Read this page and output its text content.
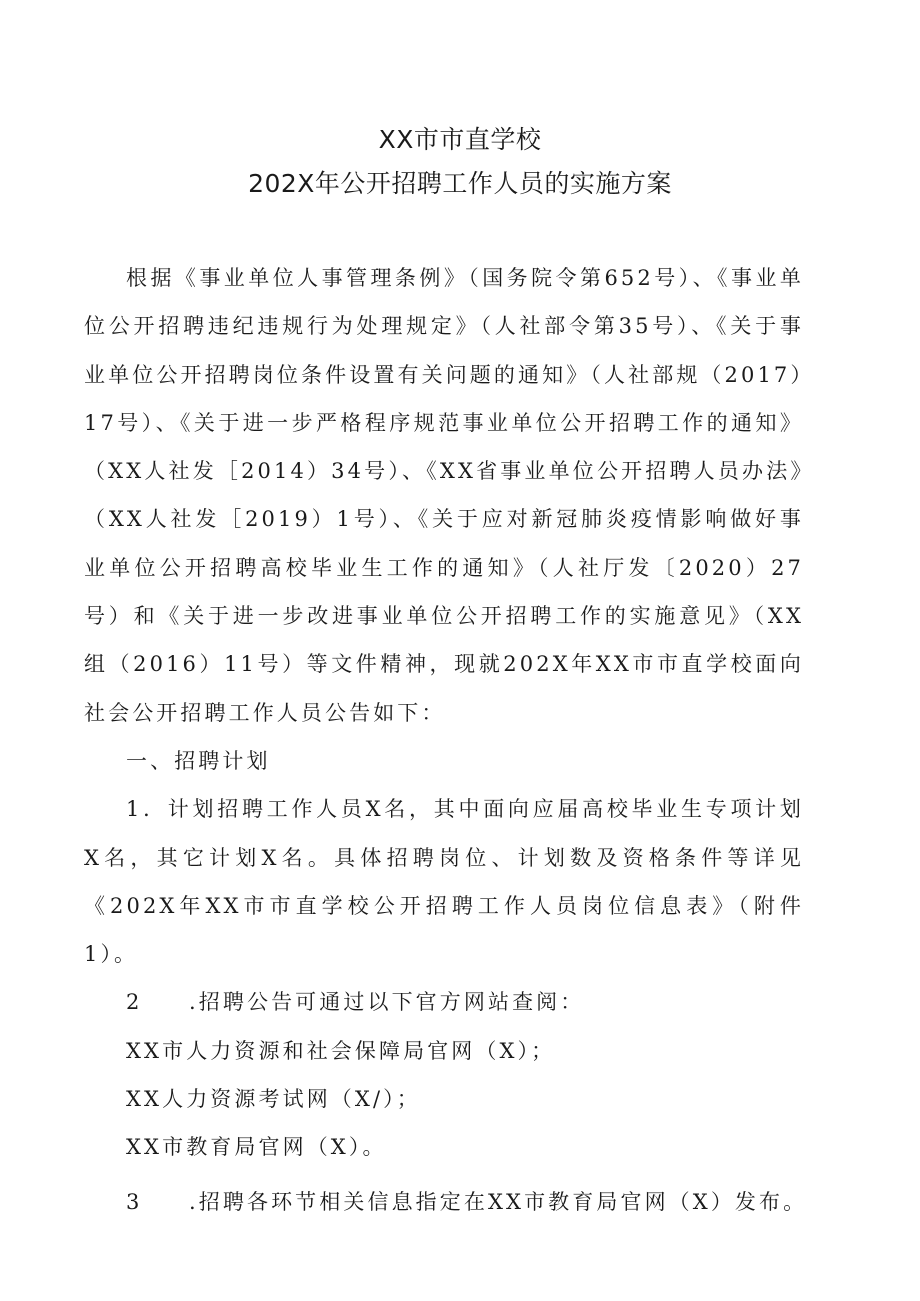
XX市市直学校
202X年公开招聘工作人员的实施方案

根据《事业单位人事管理条例》（国务院令第652号）、《事业单位公开招聘违纪违规行为处理规定》（人社部令第35号）、《关于事业单位公开招聘岗位条件设置有关问题的通知》（人社部规（2017）17号）、《关于进一步严格程序规范事业单位公开招聘工作的通知》（XX人社发［2014）34号）、《XX省事业单位公开招聘人员办法》（XX人社发［2019）1号）、《关于应对新冠肺炎疫情影响做好事业单位公开招聘高校毕业生工作的通知》（人社厅发〔2020）27号）和《关于进一步改进事业单位公开招聘工作的实施意见》（XX组（2016）11号）等文件精神，现就202X年XX市市直学校面向社会公开招聘工作人员公告如下：

一、招聘计划

1．计划招聘工作人员X名，其中面向应届高校毕业生专项计划X名，其它计划X名。具体招聘岗位、计划数及资格条件等详见《202X年XX市市直学校公开招聘工作人员岗位信息表》（附件1）。

2 .招聘公告可通过以下官方网站查阅：

XX市人力资源和社会保障局官网（X）；

XX人力资源考试网（X/）；

XX市教育局官网（X）。

3 .招聘各环节相关信息指定在XX市教育局官网（X）发布。
